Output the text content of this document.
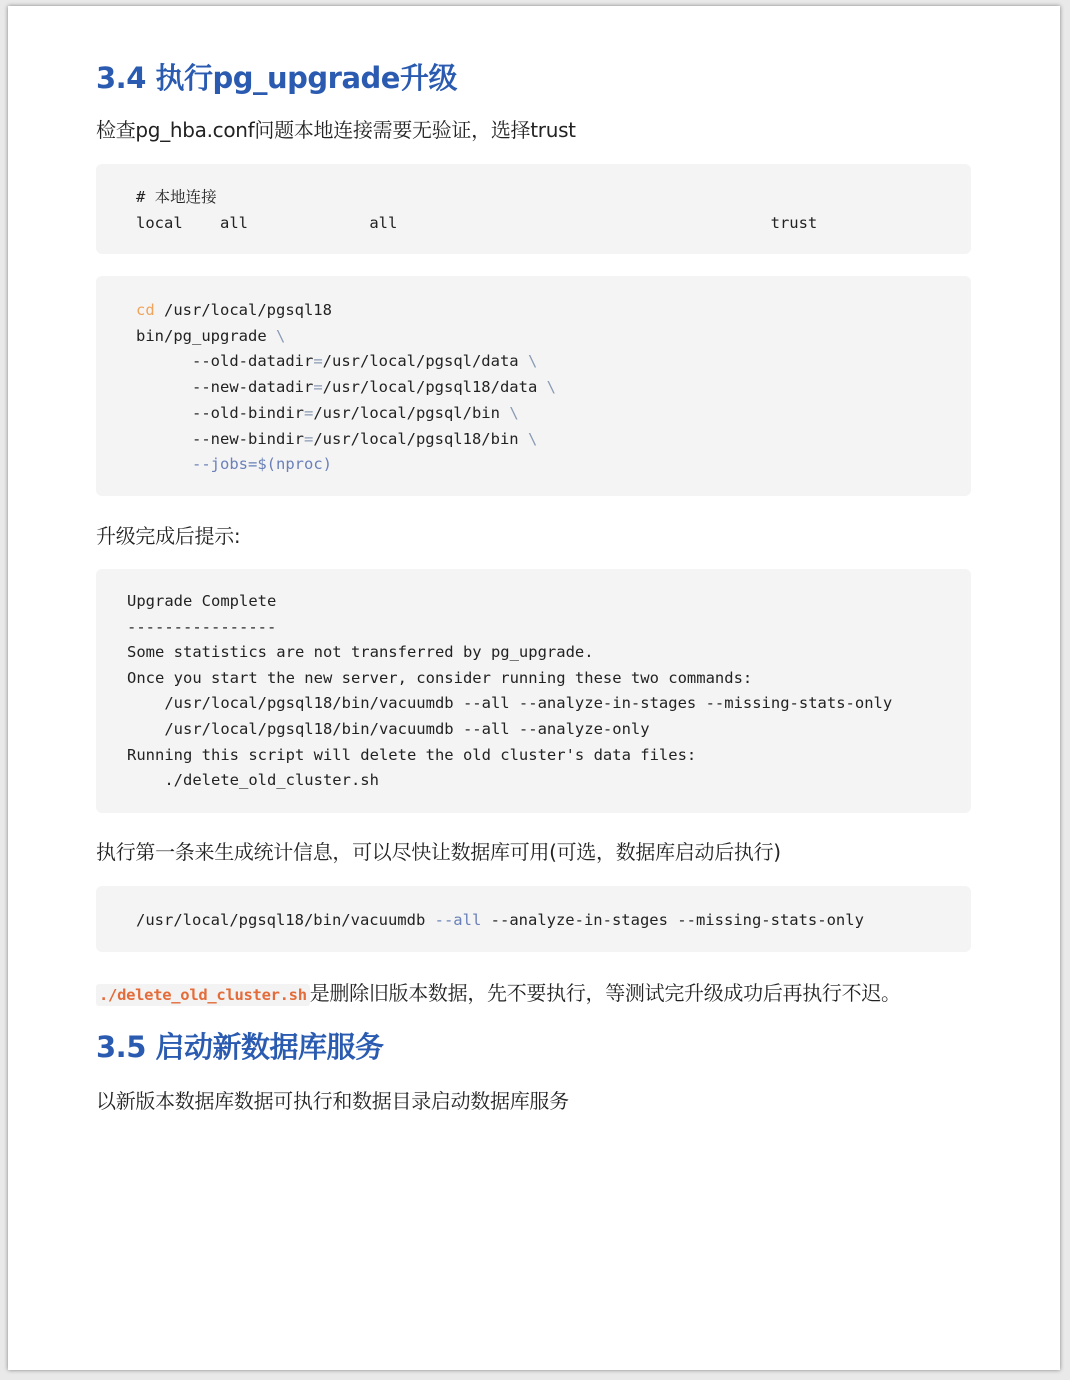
3.4 执行pg_upgrade升级

检查pg_hba.conf问题本地连接需要无验证，选择trust

# 本地连接
local all	all	trust
cd /usr/local/pgsql18
bin/pg_upgrade \
--old-datadir=/usr/local/pgsql/data \
--new-datadir=/usr/local/pgsql18/data \
--old-bindir=/usr/local/pgsql/bin \
--new-bindir=/usr/local/pgsql18/bin \
--jobs=$(nproc)

升级完成后提示:

Upgrade Complete
----------------
Some statistics are not transferred by pg_upgrade.
Once you start the new server, consider running these two commands:
/usr/local/pgsql18/bin/vacuumdb --all --analyze-in-stages --missing-stats-only
/usr/local/pgsql18/bin/vacuumdb --all --analyze-only
Running this script will delete the old cluster's data files:
./delete_old_cluster.sh

执行第一条来生成统计信息，可以尽快让数据库可用(可选，数据库启动后执行)

/usr/local/pgsql18/bin/vacuumdb --all --analyze-in-stages --missing-stats-only

./delete_old_cluster.sh 是删除旧版本数据，先不要执行，等测试完升级成功后再执行不迟。

3.5 启动新数据库服务

以新版本数据库数据可执行和数据目录启动数据库服务
